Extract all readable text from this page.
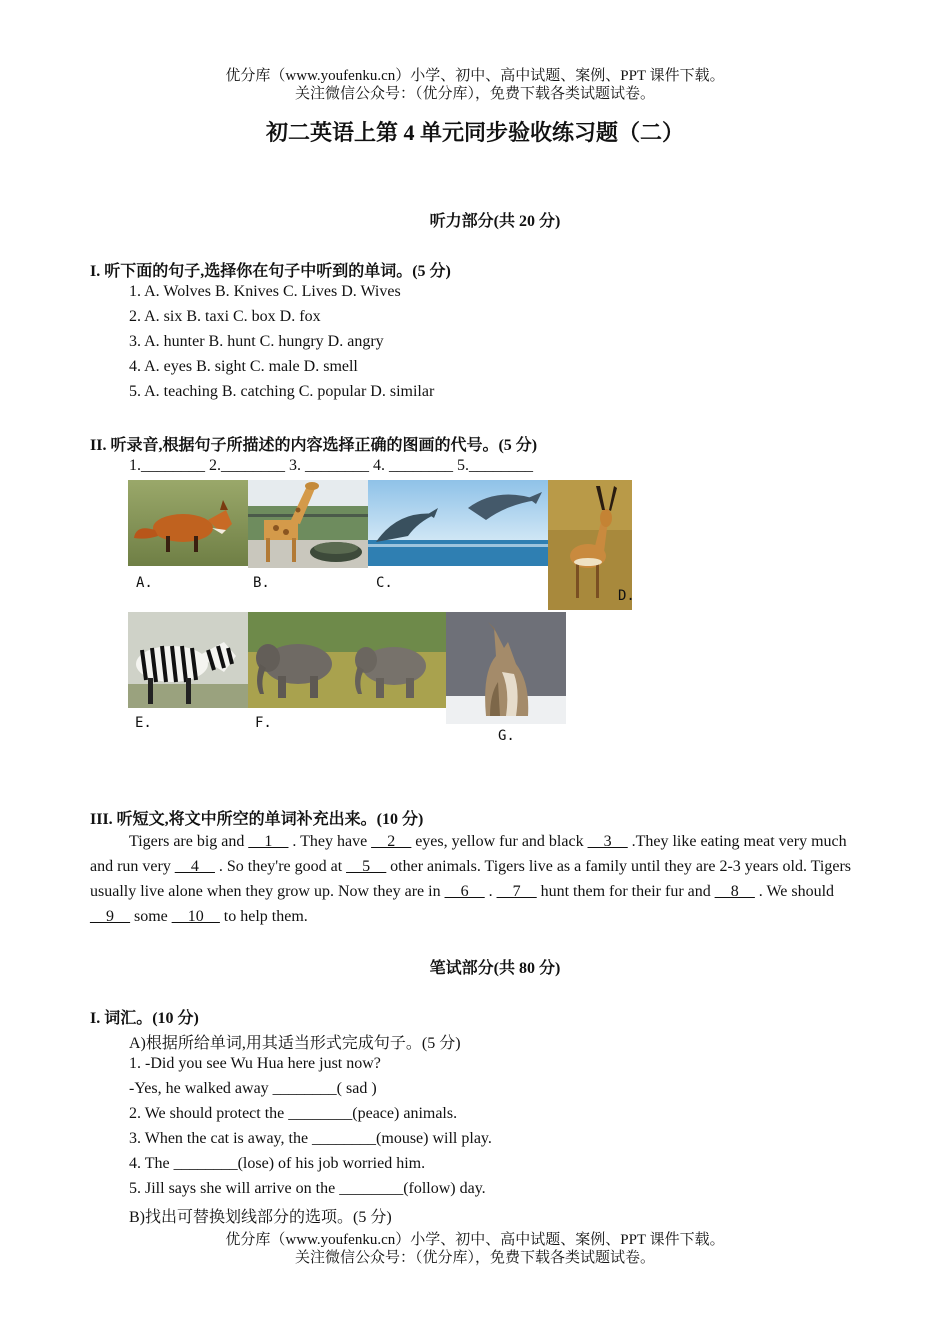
优分库（www.youfenku.cn）小学、初中、高中试题、案例、PPT 课件下载。
关注微信公众号：（优分库），免费下载各类试题试卷。
初二英语上第 4 单元同步验收练习题（二）
听力部分(共 20 分)
I. 听下面的句子,选择你在句子中听到的单词。(5 分)
1. A. Wolves B. Knives C. Lives D. Wives
2. A. six B. taxi C. box D. fox
3. A. hunter B. hunt C. hungry D. angry
4. A. eyes B. sight C. male D. smell
5. A. teaching B. catching C. popular D. similar
II. 听录音,根据句子所描述的内容选择正确的图画的代号。(5 分)
1.________ 2.________ 3. ________ 4. ________ 5.________
A.	B.	C.
D.
E.	F.
G.
III. 听短文,将文中所空的单词补充出来。(10 分)
Tigers are big and __1__ . They have __2__ eyes, yellow fur and black __3__ .They like eating meat very much and run very __4__ . So they're good at __5__ other animals. Tigers live as a family until they are 2-3 years old. Tigers usually live alone when they grow up. Now they are in __6__ . __7__ hunt them for their fur and __8__ . We should __9__ some __10__ to help them.
笔试部分(共 80 分)
I. 词汇。(10 分)
A)根据所给单词,用其适当形式完成句子。(5 分)
1. -Did you see Wu Hua here just now?
-Yes, he walked away ________( sad )
2. We should protect the ________(peace) animals.
3. When the cat is away, the ________(mouse) will play.
4. The ________(lose) of his job worried him.
5. Jill says she will arrive on the ________(follow) day.
B)找出可替换划线部分的选项。(5 分)
优分库（www.youfenku.cn）小学、初中、高中试题、案例、PPT 课件下载。
关注微信公众号：（优分库），免费下载各类试题试卷。
